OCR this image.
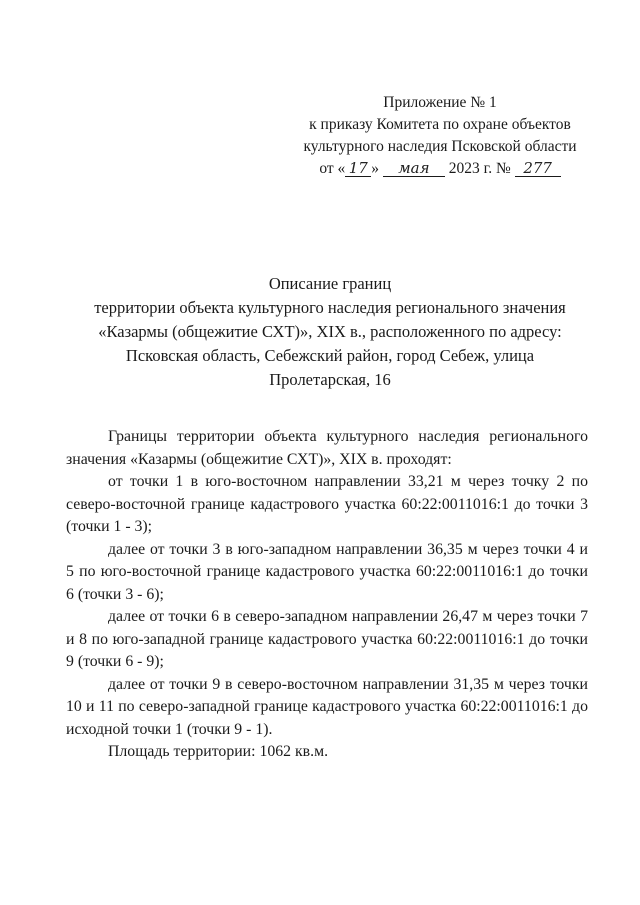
Приложение № 1
к приказу Комитета по охране объектов
культурного наследия Псковской области
от « 17 » мая 2023 г. № 277
Описание границ
территории объекта культурного наследия регионального значения
«Казармы (общежитие СХТ)», XIX в., расположенного по адресу:
Псковская область, Себежский район, город Себеж, улица
Пролетарская, 16

Границы территории объекта культурного наследия регионального значения «Казармы (общежитие СХТ)», XIX в. проходят:

от точки 1 в юго-восточном направлении 33,21 м через точку 2 по северо-восточной границе кадастрового участка 60:22:0011016:1 до точки 3 (точки 1 - 3);

далее от точки 3 в юго-западном направлении 36,35 м через точки 4 и 5 по юго-восточной границе кадастрового участка 60:22:0011016:1 до точки 6 (точки 3 - 6);

далее от точки 6 в северо-западном направлении 26,47 м через точки 7 и 8 по юго-западной границе кадастрового участка 60:22:0011016:1 до точки 9 (точки 6 - 9);

далее от точки 9 в северо-восточном направлении 31,35 м через точки 10 и 11 по северо-западной границе кадастрового участка 60:22:0011016:1 до исходной точки 1 (точки 9 - 1).

Площадь территории: 1062 кв.м.
